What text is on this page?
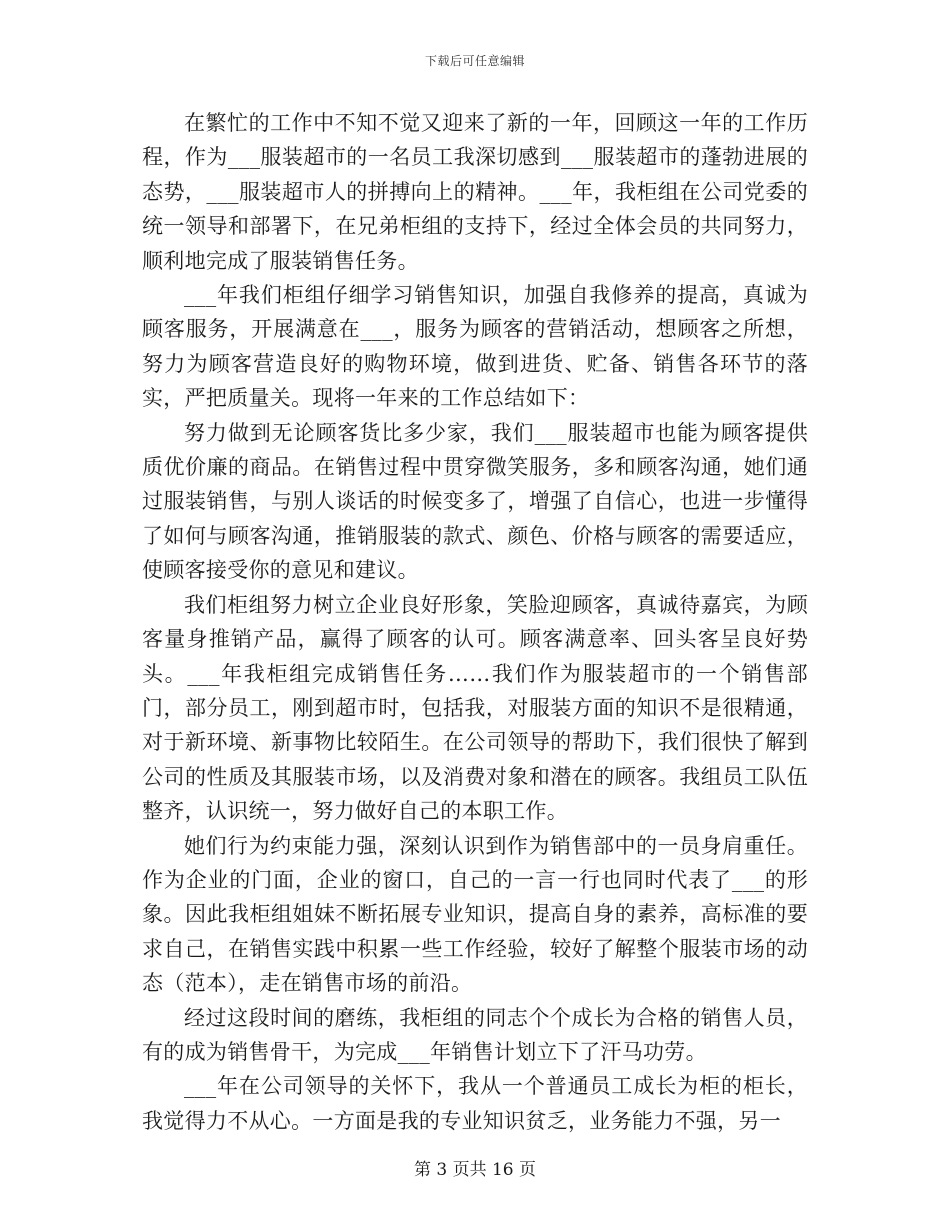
下载后可任意编辑

在繁忙的工作中不知不觉又迎来了新的一年，回顾这一年的工作历程，作为___服装超市的一名员工我深切感到___服装超市的蓬勃进展的态势，___服装超市人的拼搏向上的精神。___年，我柜组在公司党委的统一领导和部署下，在兄弟柜组的支持下，经过全体会员的共同努力，顺利地完成了服装销售任务。

___年我们柜组仔细学习销售知识，加强自我修养的提高，真诚为顾客服务，开展满意在___，服务为顾客的营销活动，想顾客之所想，努力为顾客营造良好的购物环境，做到进货、贮备、销售各环节的落实，严把质量关。现将一年来的工作总结如下：

努力做到无论顾客货比多少家，我们___服装超市也能为顾客提供质优价廉的商品。在销售过程中贯穿微笑服务，多和顾客沟通，她们通过服装销售，与别人谈话的时候变多了，增强了自信心，也进一步懂得了如何与顾客沟通，推销服装的款式、颜色、价格与顾客的需要适应，使顾客接受你的意见和建议。

我们柜组努力树立企业良好形象，笑脸迎顾客，真诚待嘉宾，为顾客量身推销产品，赢得了顾客的认可。顾客满意率、回头客呈良好势头。___年我柜组完成销售任务……我们作为服装超市的一个销售部门，部分员工，刚到超市时，包括我，对服装方面的知识不是很精通，对于新环境、新事物比较陌生。在公司领导的帮助下，我们很快了解到公司的性质及其服装市场，以及消费对象和潜在的顾客。我组员工队伍整齐，认识统一，努力做好自己的本职工作。

她们行为约束能力强，深刻认识到作为销售部中的一员身肩重任。作为企业的门面，企业的窗口，自己的一言一行也同时代表了___的形象。因此我柜组姐妹不断拓展专业知识，提高自身的素养，高标准的要求自己，在销售实践中积累一些工作经验，较好了解整个服装市场的动态（范本），走在销售市场的前沿。

经过这段时间的磨练，我柜组的同志个个成长为合格的销售人员，有的成为销售骨干，为完成___年销售计划立下了汗马功劳。

___年在公司领导的关怀下，我从一个普通员工成长为柜的柜长，我觉得力不从心。一方面是我的专业知识贫乏，业务能力不强，另一

第 3 页共 16 页
